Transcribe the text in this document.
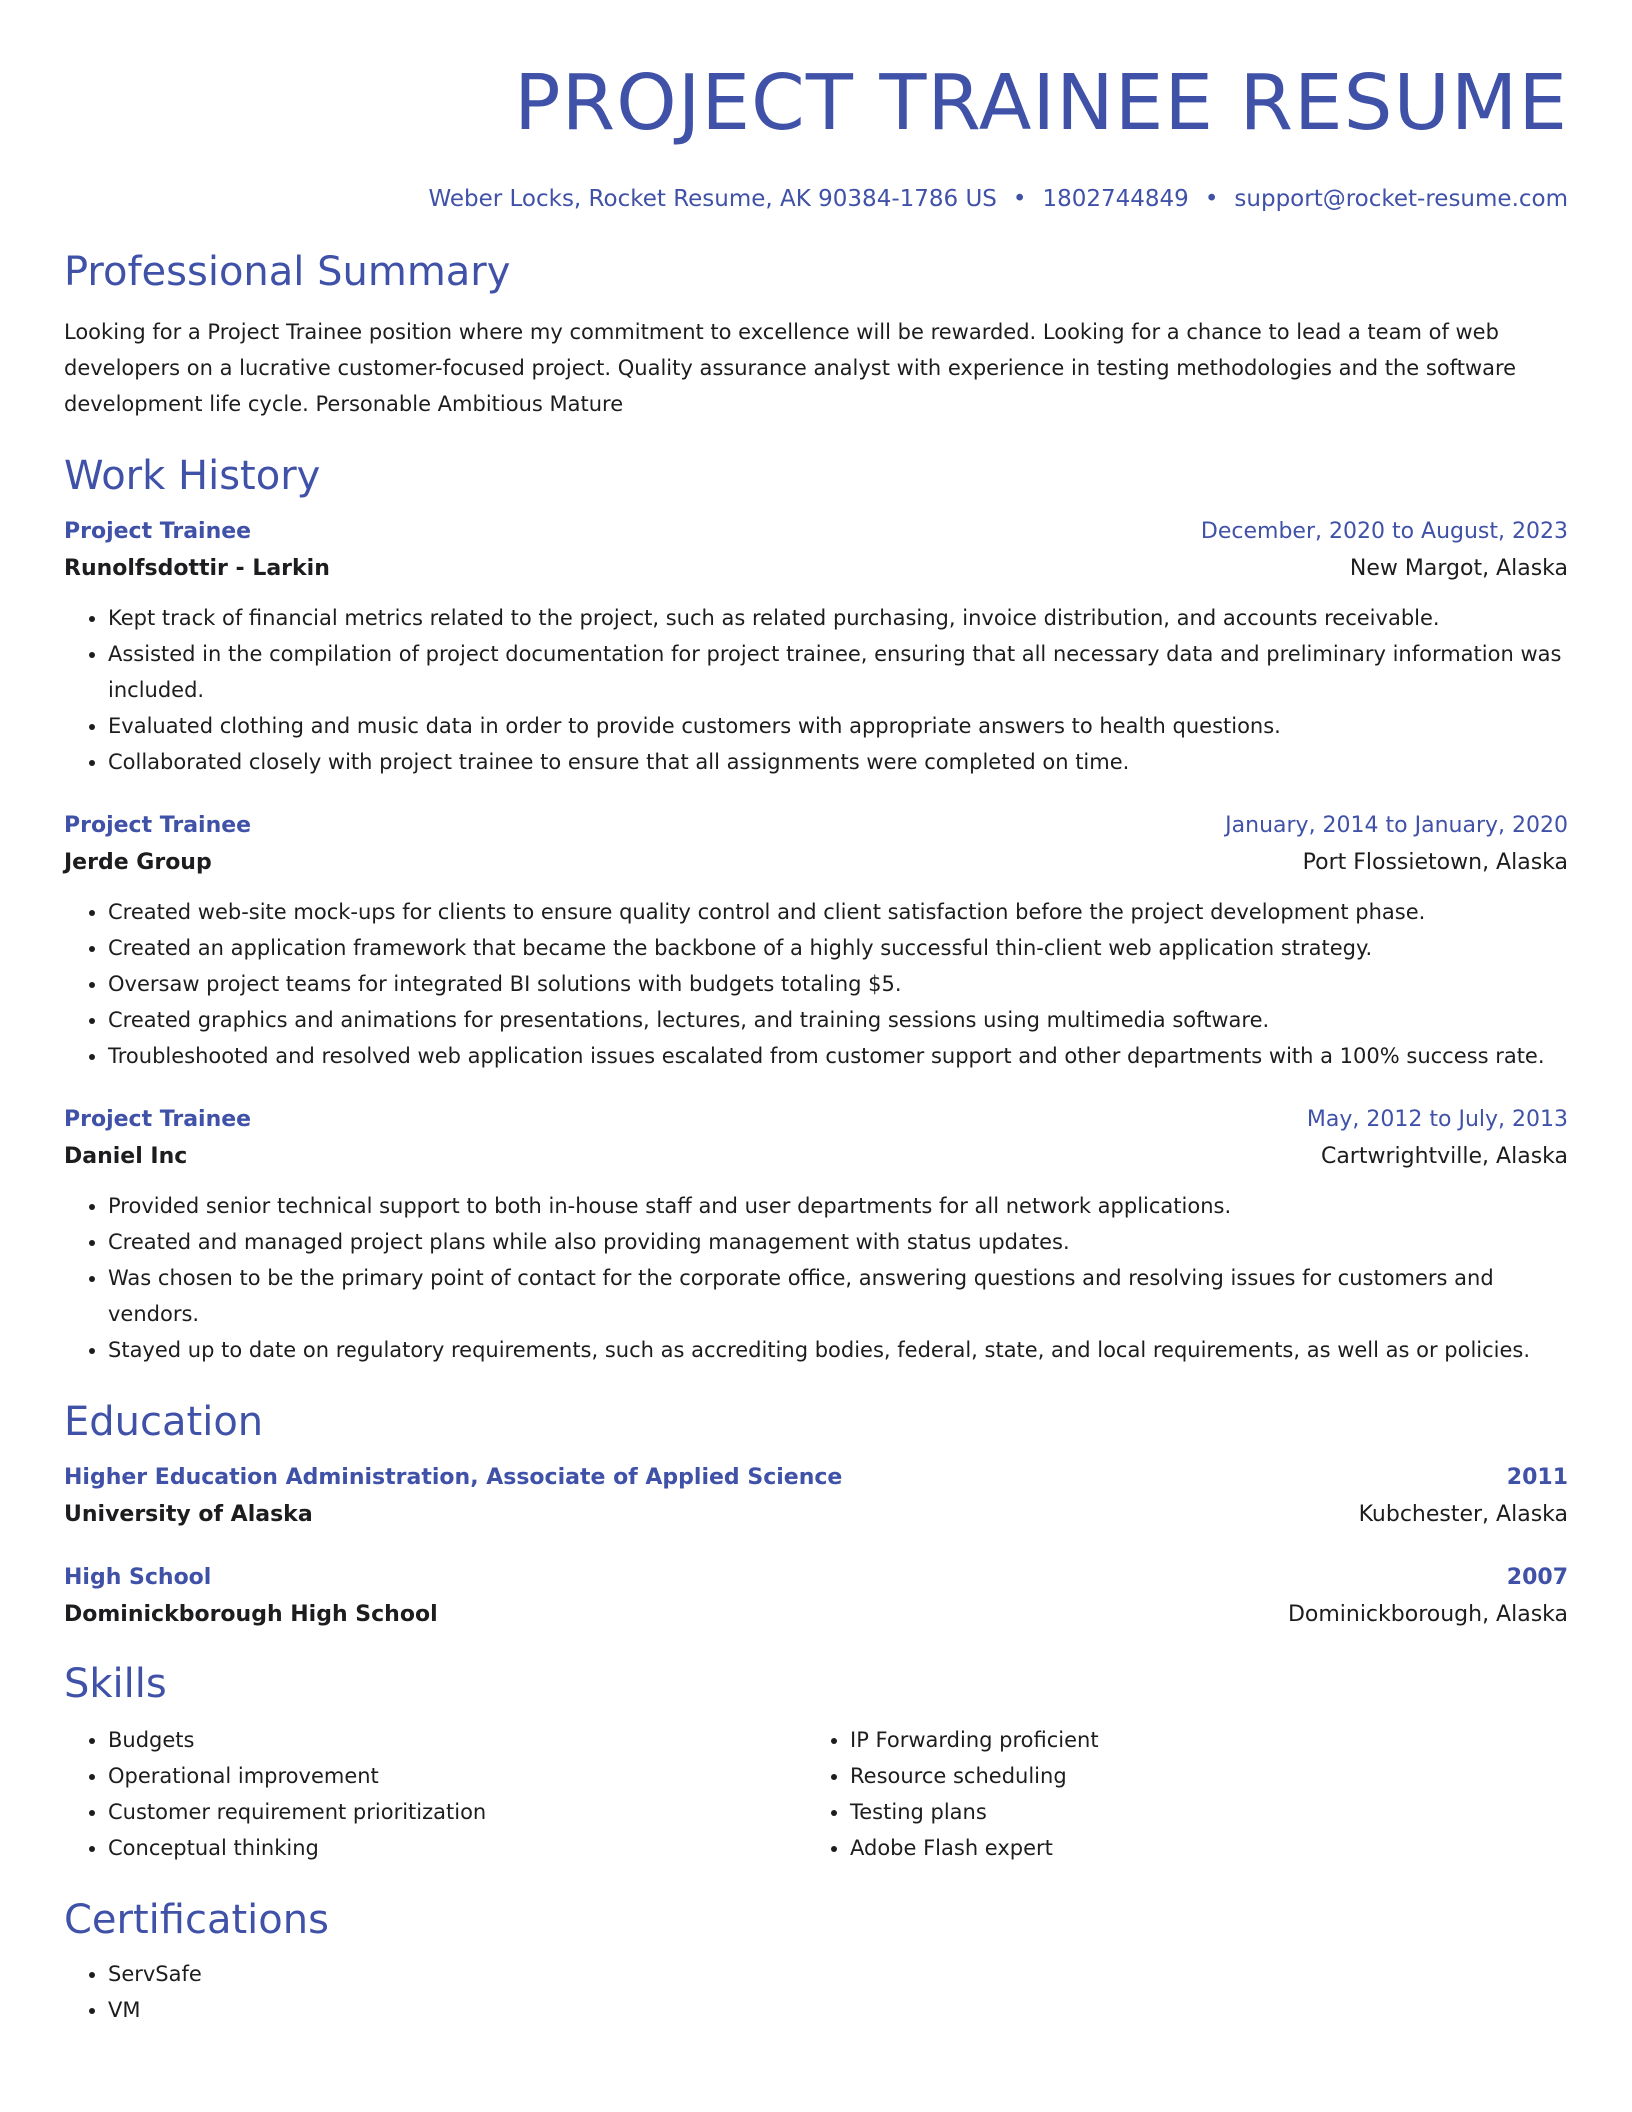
PROJECT TRAINEE RESUME
Weber Locks, Rocket Resume, AK 90384-1786 US • 1802744849 • support@rocket-resume.com
Professional Summary
Looking for a Project Trainee position where my commitment to excellence will be rewarded. Looking for a chance to lead a team of web developers on a lucrative customer-focused project. Quality assurance analyst with experience in testing methodologies and the software development life cycle. Personable Ambitious Mature
Work History
Project Trainee	December, 2020 to August, 2023
Runolfsdottir - Larkin	New Margot, Alaska
• Kept track of financial metrics related to the project, such as related purchasing, invoice distribution, and accounts receivable.
• Assisted in the compilation of project documentation for project trainee, ensuring that all necessary data and preliminary information was included.
• Evaluated clothing and music data in order to provide customers with appropriate answers to health questions.
• Collaborated closely with project trainee to ensure that all assignments were completed on time.
Project Trainee	January, 2014 to January, 2020
Jerde Group	Port Flossietown, Alaska
• Created web-site mock-ups for clients to ensure quality control and client satisfaction before the project development phase.
• Created an application framework that became the backbone of a highly successful thin-client web application strategy.
• Oversaw project teams for integrated BI solutions with budgets totaling $5.
• Created graphics and animations for presentations, lectures, and training sessions using multimedia software.
• Troubleshooted and resolved web application issues escalated from customer support and other departments with a 100% success rate.
Project Trainee	May, 2012 to July, 2013
Daniel Inc	Cartwrightville, Alaska
• Provided senior technical support to both in-house staff and user departments for all network applications.
• Created and managed project plans while also providing management with status updates.
• Was chosen to be the primary point of contact for the corporate office, answering questions and resolving issues for customers and vendors.
• Stayed up to date on regulatory requirements, such as accrediting bodies, federal, state, and local requirements, as well as or policies.
Education
Higher Education Administration, Associate of Applied Science	2011
University of Alaska	Kubchester, Alaska
High School	2007
Dominickborough High School	Dominickborough, Alaska
Skills
• Budgets
• Operational improvement
• Customer requirement prioritization
• Conceptual thinking
• IP Forwarding proficient
• Resource scheduling
• Testing plans
• Adobe Flash expert
Certifications
• ServSafe
• VM
